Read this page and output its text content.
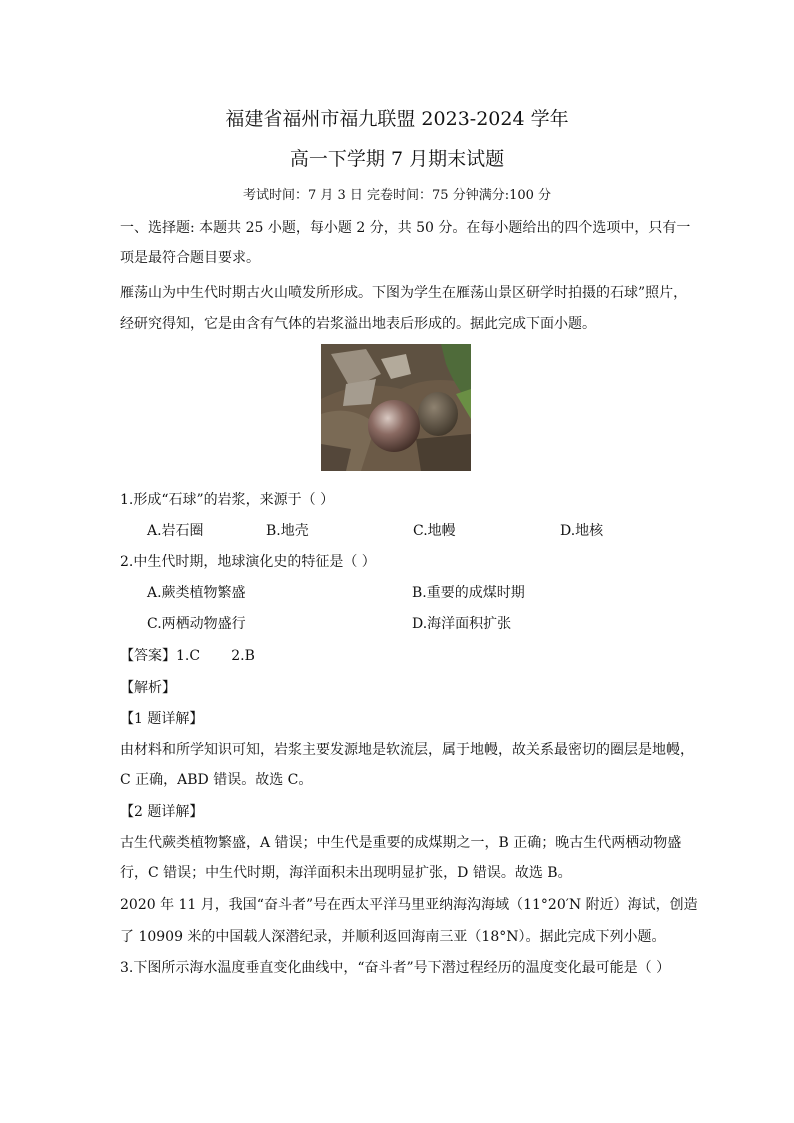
福建省福州市福九联盟 2023-2024 学年
高一下学期 7 月期末试题
考试时间：7 月 3 日 完卷时间：75 分钟满分:100 分
一、选择题: 本题共 25 小题，每小题 2 分，共 50 分。在每小题给出的四个选项中，只有一
项是最符合题目要求。
雁荡山为中生代时期古火山喷发所形成。下图为学生在雁荡山景区研学时拍摄的石球”照片，
经研究得知，它是由含有气体的岩浆溢出地表后形成的。据此完成下面小题。
1.形成“石球”的岩浆，来源于（ ）
A.岩石圈	B.地壳	C.地幔	D.地核
2.中生代时期，地球演化史的特征是（ ）
A.蕨类植物繁盛	B.重要的成煤时期
C.两栖动物盛行	D.海洋面积扩张
【答案】1.C       2.B
【解析】
【1 题详解】
由材料和所学知识可知，岩浆主要发源地是软流层，属于地幔，故关系最密切的圈层是地幔，
C 正确，ABD 错误。故选 C。
【2 题详解】
古生代蕨类植物繁盛，A 错误；中生代是重要的成煤期之一，B 正确；晚古生代两栖动物盛
行，C 错误；中生代时期，海洋面积未出现明显扩张，D 错误。故选 B。
2020 年 11 月，我国“奋斗者”号在西太平洋马里亚纳海沟海域（11°20′N 附近）海试，创造
了 10909 米的中国载人深潜纪录，并顺利返回海南三亚（18°N）。据此完成下列小题。
3.下图所示海水温度垂直变化曲线中，“奋斗者”号下潜过程经历的温度变化最可能是（ ）
